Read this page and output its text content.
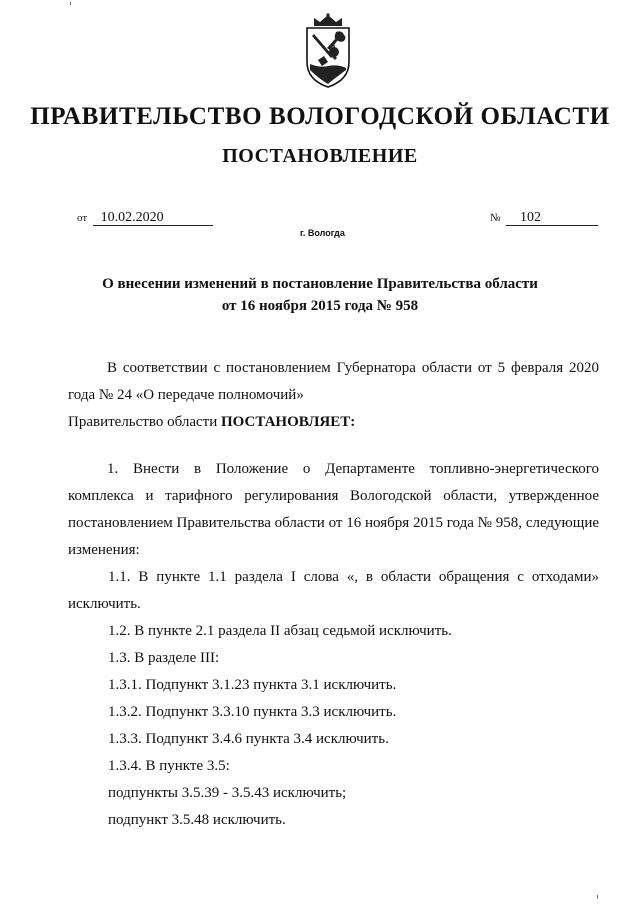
ПРАВИТЕЛЬСТВО ВОЛОГОДСКОЙ ОБЛАСТИ
ПОСТАНОВЛЕНИЕ
от 10.02.2020	№ 102
г. Вологда
О внесении изменений в постановление Правительства области
от 16 ноября 2015 года № 958

В соответствии с постановлением Губернатора области от 5 февраля 2020 года № 24 «О передаче полномочий»

Правительство области ПОСТАНОВЛЯЕТ:

1. Внести в Положение о Департаменте топливно-энергетического комплекса и тарифного регулирования Вологодской области, утвержденное постановлением Правительства области от 16 ноября 2015 года № 958, следующие изменения:

1.1. В пункте 1.1 раздела I слова «, в области обращения с отходами» исключить.

1.2. В пункте 2.1 раздела II абзац седьмой исключить.

1.3. В разделе III:

1.3.1. Подпункт 3.1.23 пункта 3.1 исключить.

1.3.2. Подпункт 3.3.10 пункта 3.3 исключить.

1.3.3. Подпункт 3.4.6 пункта 3.4 исключить.

1.3.4. В пункте 3.5:

подпункты 3.5.39 - 3.5.43 исключить;

подпункт 3.5.48 исключить.
